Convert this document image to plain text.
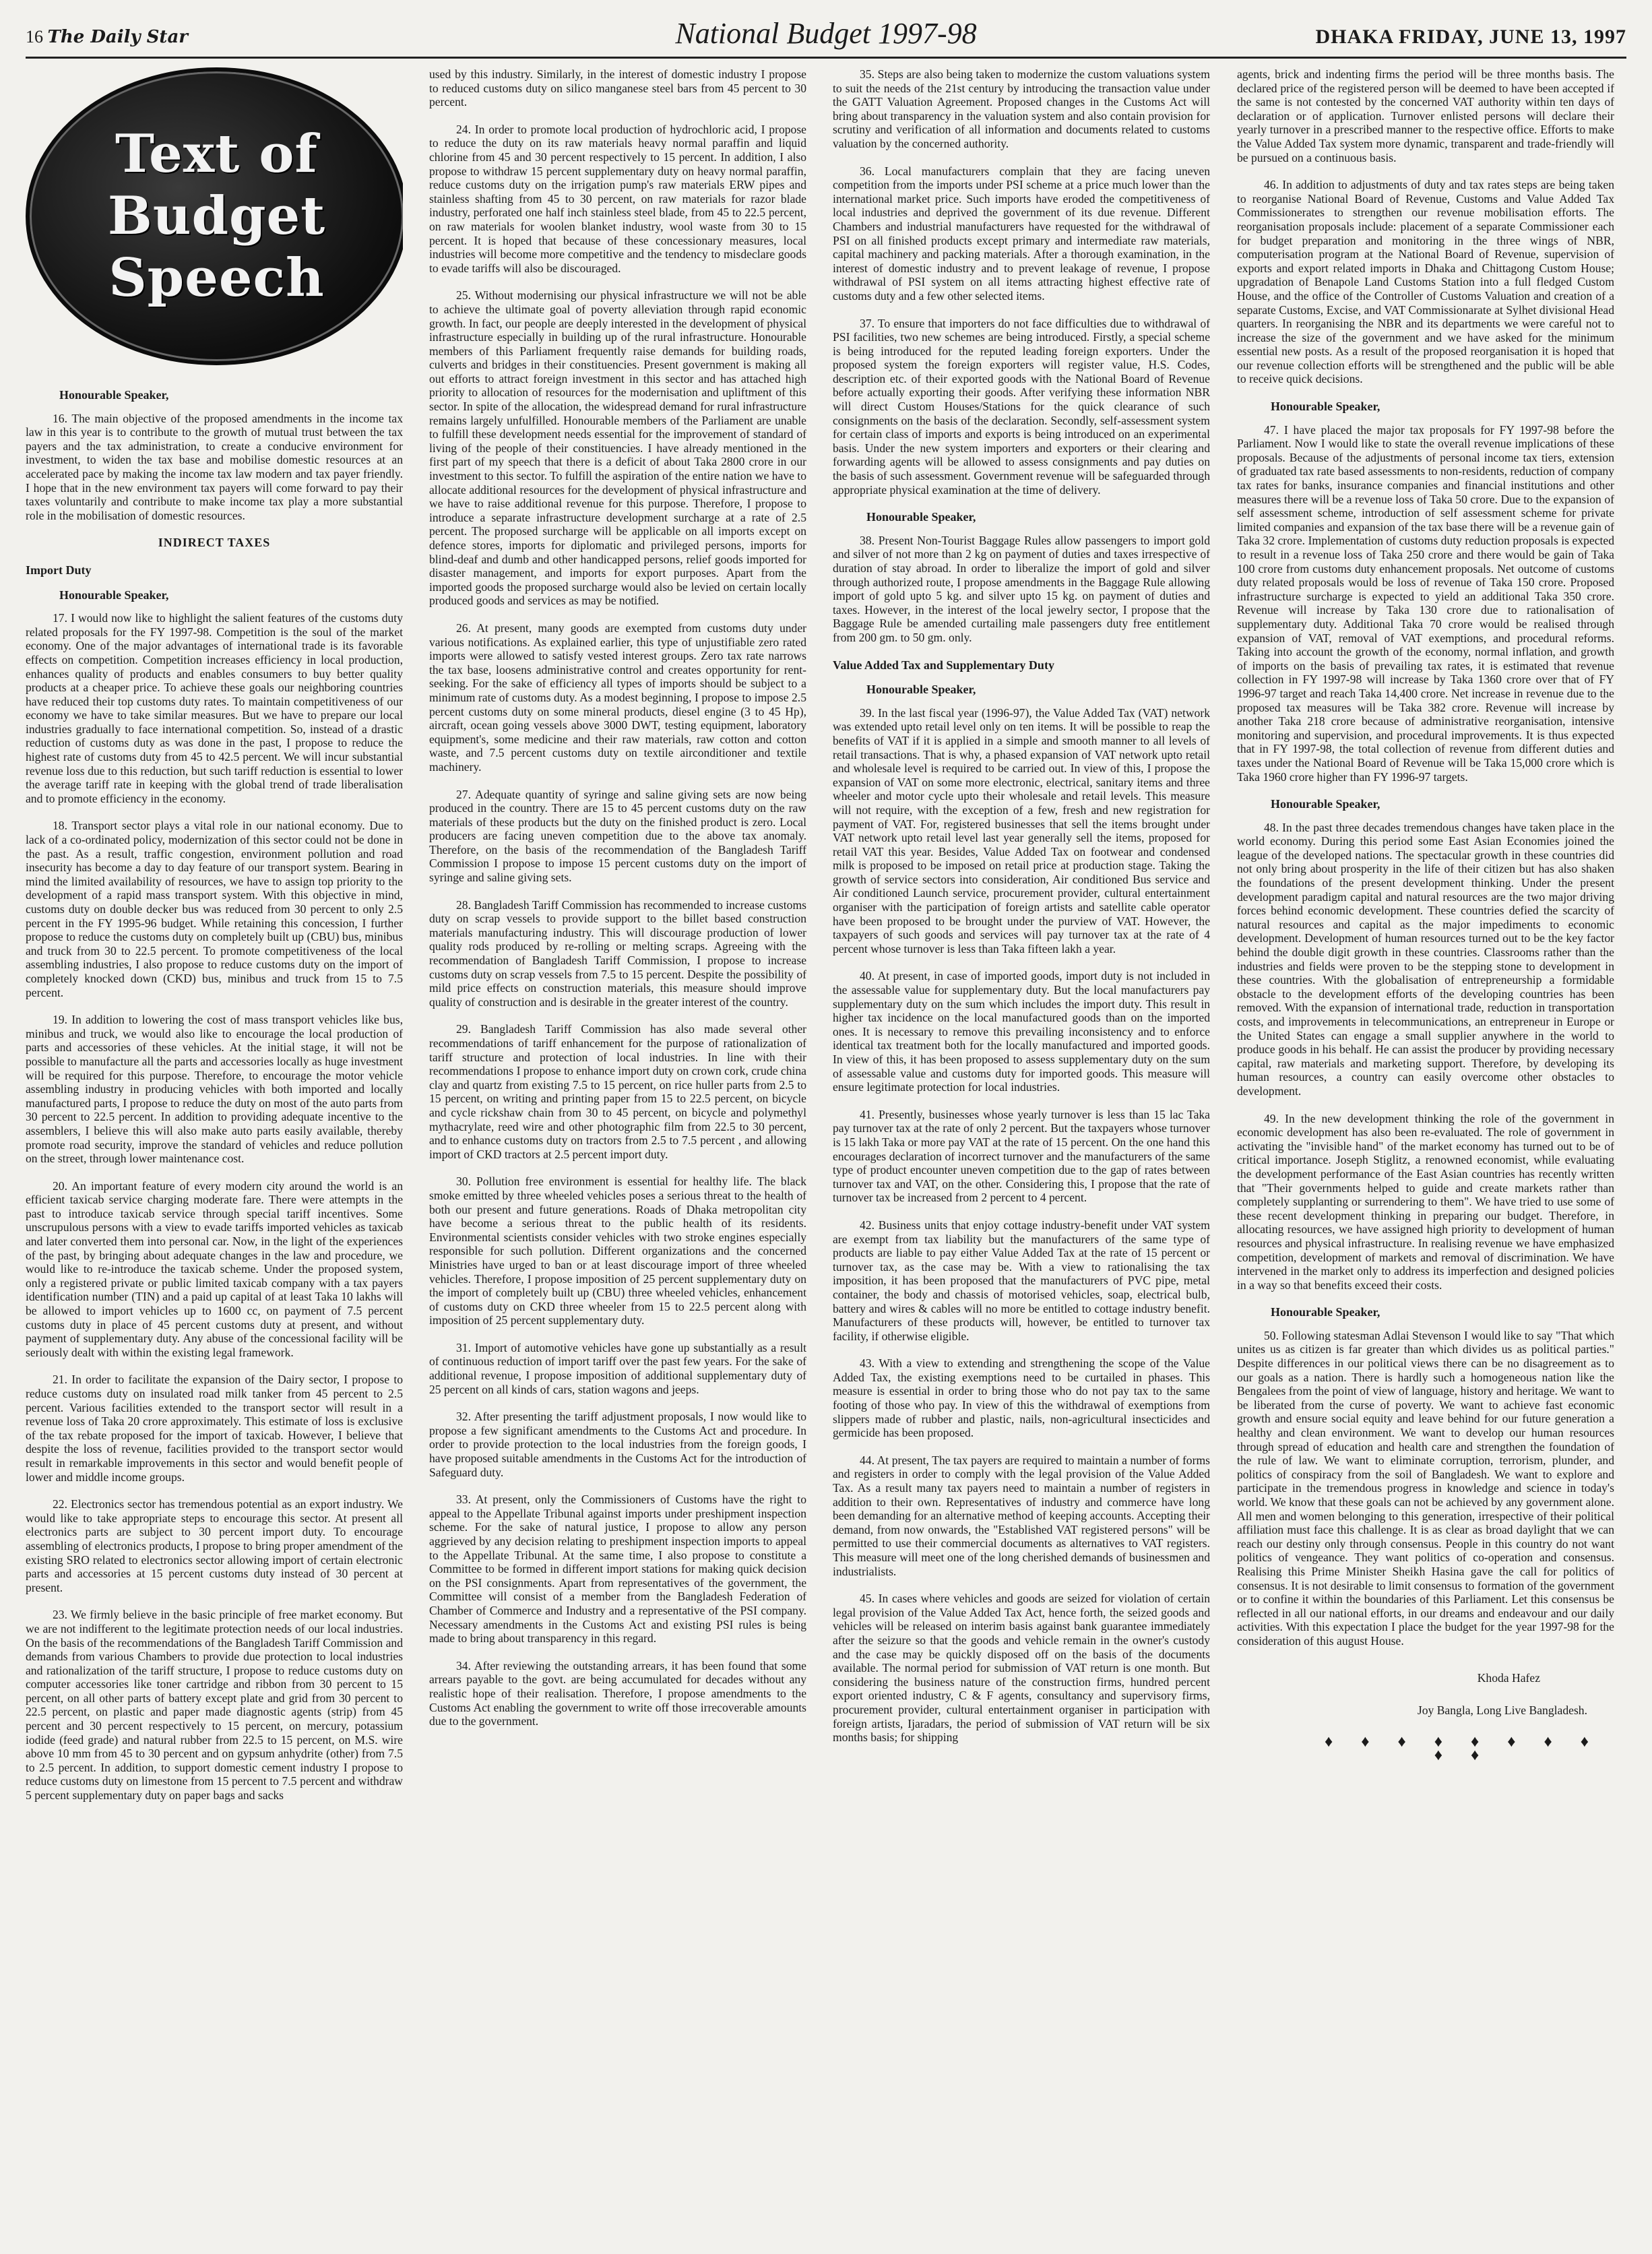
16 The Daily Star	National Budget 1997-98	DHAKA FRIDAY, JUNE 13, 1997
Text of
Budget
Speech

Honourable Speaker,

16. The main objective of the proposed amendments in the income tax law in this year is to contribute to the growth of mutual trust between the tax payers and the tax administration, to create a conducive environment for investment, to widen the tax base and mobilise domestic resources at an accelerated pace by making the income tax law modern and tax payer friendly. I hope that in the new environment tax payers will come forward to pay their taxes voluntarily and contribute to make income tax play a more substantial role in the mobilisation of domestic resources.

INDIRECT TAXES
Import Duty

Honourable Speaker,

17. I would now like to highlight the salient features of the customs duty related proposals for the FY 1997-98. Competition is the soul of the market economy. One of the major advantages of international trade is its favorable effects on competition. Competition increases efficiency in local production, enhances quality of products and enables consumers to buy better quality products at a cheaper price. To achieve these goals our neighboring countries have reduced their top customs duty rates. To maintain competitiveness of our economy we have to take similar measures. But we have to prepare our local industries gradually to face international competition. So, instead of a drastic reduction of customs duty as was done in the past, I propose to reduce the highest rate of customs duty from 45 to 42.5 percent. We will incur substantial revenue loss due to this reduction, but such tariff reduction is essential to lower the average tariff rate in keeping with the global trend of trade liberalisation and to promote efficiency in the economy.

18. Transport sector plays a vital role in our national economy. Due to lack of a co-ordinated policy, modernization of this sector could not be done in the past. As a result, traffic congestion, environment pollution and road insecurity has become a day to day feature of our transport system. Bearing in mind the limited availability of resources, we have to assign top priority to the development of a rapid mass transport system. With this objective in mind, customs duty on double decker bus was reduced from 30 percent to only 2.5 percent in the FY 1995-96 budget. While retaining this concession, I further propose to reduce the customs duty on completely built up (CBU) bus, minibus and truck from 30 to 22.5 percent. To promote competitiveness of the local assembling industries, I also propose to reduce customs duty on the import of completely knocked down (CKD) bus, minibus and truck from 15 to 7.5 percent.

19. In addition to lowering the cost of mass transport vehicles like bus, minibus and truck, we would also like to encourage the local production of parts and accessories of these vehicles. At the initial stage, it will not be possible to manufacture all the parts and accessories locally as huge investment will be required for this purpose. Therefore, to encourage the motor vehicle assembling industry in producing vehicles with both imported and locally manufactured parts, I propose to reduce the duty on most of the auto parts from 30 percent to 22.5 percent. In addition to providing adequate incentive to the assemblers, I believe this will also make auto parts easily available, thereby promote road security, improve the standard of vehicles and reduce pollution on the street, through lower maintenance cost.

20. An important feature of every modern city around the world is an efficient taxicab service charging moderate fare. There were attempts in the past to introduce taxicab service through special tariff incentives. Some unscrupulous persons with a view to evade tariffs imported vehicles as taxicab and later converted them into personal car. Now, in the light of the experiences of the past, by bringing about adequate changes in the law and procedure, we would like to re-introduce the taxicab scheme. Under the proposed system, only a registered private or public limited taxicab company with a tax payers identification number (TIN) and a paid up capital of at least Taka 10 lakhs will be allowed to import vehicles up to 1600 cc, on payment of 7.5 percent customs duty in place of 45 percent customs duty at present, and without payment of supplementary duty. Any abuse of the concessional facility will be seriously dealt with within the existing legal framework.

21. In order to facilitate the expansion of the Dairy sector, I propose to reduce customs duty on insulated road milk tanker from 45 percent to 2.5 percent. Various facilities extended to the transport sector will result in a revenue loss of Taka 20 crore approximately. This estimate of loss is exclusive of the tax rebate proposed for the import of taxicab. However, I believe that despite the loss of revenue, facilities provided to the transport sector would result in remarkable improvements in this sector and would benefit people of lower and middle income groups.

22. Electronics sector has tremendous potential as an export industry. We would like to take appropriate steps to encourage this sector. At present all electronics parts are subject to 30 percent import duty. To encourage assembling of electronics products, I propose to bring proper amendment of the existing SRO related to electronics sector allowing import of certain electronic parts and accessories at 15 percent customs duty instead of 30 percent at present.

23. We firmly believe in the basic principle of free market economy. But we are not indifferent to the legitimate protection needs of our local industries. On the basis of the recommendations of the Bangladesh Tariff Commission and demands from various Chambers to provide due protection to local industries and rationalization of the tariff structure, I propose to reduce customs duty on computer accessories like toner cartridge and ribbon from 30 percent to 15 percent, on all other parts of battery except plate and grid from 30 percent to 22.5 percent, on plastic and paper made diagnostic agents (strip) from 45 percent and 30 percent respectively to 15 percent, on mercury, potassium iodide (feed grade) and natural rubber from 22.5 to 15 percent, on M.S. wire above 10 mm from 45 to 30 percent and on gypsum anhydrite (other) from 7.5 to 2.5 percent. In addition, to support domestic cement industry I propose to reduce customs duty on limestone from 15 percent to 7.5 percent and withdraw 5 percent supplementary duty on paper bags and sacks

used by this industry. Similarly, in the interest of domestic industry I propose to reduced customs duty on silico manganese steel bars from 45 percent to 30 percent.

24. In order to promote local production of hydrochloric acid, I propose to reduce the duty on its raw materials heavy normal paraffin and liquid chlorine from 45 and 30 percent respectively to 15 percent. In addition, I also propose to withdraw 15 percent supplementary duty on heavy normal paraffin, reduce customs duty on the irrigation pump's raw materials ERW pipes and stainless shafting from 45 to 30 percent, on raw materials for razor blade industry, perforated one half inch stainless steel blade, from 45 to 22.5 percent, on raw materials for woolen blanket industry, wool waste from 30 to 15 percent. It is hoped that because of these concessionary measures, local industries will become more competitive and the tendency to misdeclare goods to evade tariffs will also be discouraged.

25. Without modernising our physical infrastructure we will not be able to achieve the ultimate goal of poverty alleviation through rapid economic growth. In fact, our people are deeply interested in the development of physical infrastructure especially in building up of the rural infrastructure. Honourable members of this Parliament frequently raise demands for building roads, culverts and bridges in their constituencies. Present government is making all out efforts to attract foreign investment in this sector and has attached high priority to allocation of resources for the modernisation and upliftment of this sector. In spite of the allocation, the widespread demand for rural infrastructure remains largely unfulfilled. Honourable members of the Parliament are unable to fulfill these development needs essential for the improvement of standard of living of the people of their constituencies. I have already mentioned in the first part of my speech that there is a deficit of about Taka 2800 crore in our investment to this sector. To fulfill the aspiration of the entire nation we have to allocate additional resources for the development of physical infrastructure and we have to raise additional revenue for this purpose. Therefore, I propose to introduce a separate infrastructure development surcharge at a rate of 2.5 percent. The proposed surcharge will be applicable on all imports except on defence stores, imports for diplomatic and privileged persons, imports for blind-deaf and dumb and other handicapped persons, relief goods imported for disaster management, and imports for export purposes. Apart from the imported goods the proposed surcharge would also be levied on certain locally produced goods and services as may be notified.

26. At present, many goods are exempted from customs duty under various notifications. As explained earlier, this type of unjustifiable zero rated imports were allowed to satisfy vested interest groups. Zero tax rate narrows the tax base, loosens administrative control and creates opportunity for rent-seeking. For the sake of efficiency all types of imports should be subject to a minimum rate of customs duty. As a modest beginning, I propose to impose 2.5 percent customs duty on some mineral products, diesel engine (3 to 45 Hp), aircraft, ocean going vessels above 3000 DWT, testing equipment, laboratory equipment's, some medicine and their raw materials, raw cotton and cotton waste, and 7.5 percent customs duty on textile airconditioner and textile machinery.

27. Adequate quantity of syringe and saline giving sets are now being produced in the country. There are 15 to 45 percent customs duty on the raw materials of these products but the duty on the finished product is zero. Local producers are facing uneven competition due to the above tax anomaly. Therefore, on the basis of the recommendation of the Bangladesh Tariff Commission I propose to impose 15 percent customs duty on the import of syringe and saline giving sets.

28. Bangladesh Tariff Commission has recommended to increase customs duty on scrap vessels to provide support to the billet based construction materials manufacturing industry. This will discourage production of lower quality rods produced by re-rolling or melting scraps. Agreeing with the recommendation of Bangladesh Tariff Commission, I propose to increase customs duty on scrap vessels from 7.5 to 15 percent. Despite the possibility of mild price effects on construction materials, this measure should improve quality of construction and is desirable in the greater interest of the country.

29. Bangladesh Tariff Commission has also made several other recommendations of tariff enhancement for the purpose of rationalization of tariff structure and protection of local industries. In line with their recommendations I propose to enhance import duty on crown cork, crude china clay and quartz from existing 7.5 to 15 percent, on rice huller parts from 2.5 to 15 percent, on writing and printing paper from 15 to 22.5 percent, on bicycle and cycle rickshaw chain from 30 to 45 percent, on bicycle and polymethyl mythacrylate, reed wire and other photographic film from 22.5 to 30 percent, and to enhance customs duty on tractors from 2.5 to 7.5 percent , and allowing import of CKD tractors at 2.5 percent import duty.

30. Pollution free environment is essential for healthy life. The black smoke emitted by three wheeled vehicles poses a serious threat to the health of both our present and future generations. Roads of Dhaka metropolitan city have become a serious threat to the public health of its residents. Environmental scientists consider vehicles with two stroke engines especially responsible for such pollution. Different organizations and the concerned Ministries have urged to ban or at least discourage import of three wheeled vehicles. Therefore, I propose imposition of 25 percent supplementary duty on the import of completely built up (CBU) three wheeled vehicles, enhancement of customs duty on CKD three wheeler from 15 to 22.5 percent along with imposition of 25 percent supplementary duty.

31. Import of automotive vehicles have gone up substantially as a result of continuous reduction of import tariff over the past few years. For the sake of additional revenue, I propose imposition of additional supplementary duty of 25 percent on all kinds of cars, station wagons and jeeps.

32. After presenting the tariff adjustment proposals, I now would like to propose a few significant amendments to the Customs Act and procedure. In order to provide protection to the local industries from the foreign goods, I have proposed suitable amendments in the Customs Act for the introduction of Safeguard duty.

33. At present, only the Commissioners of Customs have the right to appeal to the Appellate Tribunal against imports under preshipment inspection scheme. For the sake of natural justice, I propose to allow any person aggrieved by any decision relating to preshipment inspection imports to appeal to the Appellate Tribunal. At the same time, I also propose to constitute a Committee to be formed in different import stations for making quick decision on the PSI consignments. Apart from representatives of the government, the Committee will consist of a member from the Bangladesh Federation of Chamber of Commerce and Industry and a representative of the PSI company. Necessary amendments in the Customs Act and existing PSI rules is being made to bring about transparency in this regard.

34. After reviewing the outstanding arrears, it has been found that some arrears payable to the govt. are being accumulated for decades without any realistic hope of their realisation. Therefore, I propose amendments to the Customs Act enabling the government to write off those irrecoverable amounts due to the government.

35. Steps are also being taken to modernize the custom valuations system to suit the needs of the 21st century by introducing the transaction value under the GATT Valuation Agreement. Proposed changes in the Customs Act will bring about transparency in the valuation system and also contain provision for scrutiny and verification of all information and documents related to customs valuation by the concerned authority.

36. Local manufacturers complain that they are facing uneven competition from the imports under PSI scheme at a price much lower than the international market price. Such imports have eroded the competitiveness of local industries and deprived the government of its due revenue. Different Chambers and industrial manufacturers have requested for the withdrawal of PSI on all finished products except primary and intermediate raw materials, capital machinery and packing materials. After a thorough examination, in the interest of domestic industry and to prevent leakage of revenue, I propose withdrawal of PSI system on all items attracting highest effective rate of customs duty and a few other selected items.

37. To ensure that importers do not face difficulties due to withdrawal of PSI facilities, two new schemes are being introduced. Firstly, a special scheme is being introduced for the reputed leading foreign exporters. Under the proposed system the foreign exporters will register value, H.S. Codes, description etc. of their exported goods with the National Board of Revenue before actually exporting their goods. After verifying these information NBR will direct Custom Houses/Stations for the quick clearance of such consignments on the basis of the declaration. Secondly, self-assessment system for certain class of imports and exports is being introduced on an experimental basis. Under the new system importers and exporters or their clearing and forwarding agents will be allowed to assess consignments and pay duties on the basis of such assessment. Government revenue will be safeguarded through appropriate physical examination at the time of delivery.

Honourable Speaker,

38. Present Non-Tourist Baggage Rules allow passengers to import gold and silver of not more than 2 kg on payment of duties and taxes irrespective of duration of stay abroad. In order to liberalize the import of gold and silver through authorized route, I propose amendments in the Baggage Rule allowing import of gold upto 5 kg. and silver upto 15 kg. on payment of duties and taxes. However, in the interest of the local jewelry sector, I propose that the Baggage Rule be amended curtailing male passengers duty free entitlement from 200 gm. to 50 gm. only.

Value Added Tax and Supplementary Duty

Honourable Speaker,

39. In the last fiscal year (1996-97), the Value Added Tax (VAT) network was extended upto retail level only on ten items. It will be possible to reap the benefits of VAT if it is applied in a simple and smooth manner to all levels of retail transactions. That is why, a phased expansion of VAT network upto retail and wholesale level is required to be carried out. In view of this, I propose the expansion of VAT on some more electronic, electrical, sanitary items and three wheeler and motor cycle upto their wholesale and retail levels. This measure will not require, with the exception of a few, fresh and new registration for payment of VAT. For, registered businesses that sell the items brought under VAT network upto retail level last year generally sell the items, proposed for retail VAT this year. Besides, Value Added Tax on footwear and condensed milk is proposed to be imposed on retail price at production stage. Taking the growth of service sectors into consideration, Air conditioned Bus service and Air conditioned Launch service, procurement provider, cultural entertainment organiser with the participation of foreign artists and satellite cable operator have been proposed to be brought under the purview of VAT. However, the taxpayers of such goods and services will pay turnover tax at the rate of 4 percent whose turnover is less than Taka fifteen lakh a year.

40. At present, in case of imported goods, import duty is not included in the assessable value for supplementary duty. But the local manufacturers pay supplementary duty on the sum which includes the import duty. This result in higher tax incidence on the local manufactured goods than on the imported ones. It is necessary to remove this prevailing inconsistency and to enforce identical tax treatment both for the locally manufactured and imported goods. In view of this, it has been proposed to assess supplementary duty on the sum of assessable value and customs duty for imported goods. This measure will ensure legitimate protection for local industries.

41. Presently, businesses whose yearly turnover is less than 15 lac Taka pay turnover tax at the rate of only 2 percent. But the taxpayers whose turnover is 15 lakh Taka or more pay VAT at the rate of 15 percent. On the one hand this encourages declaration of incorrect turnover and the manufacturers of the same type of product encounter uneven competition due to the gap of rates between turnover tax and VAT, on the other. Considering this, I propose that the rate of turnover tax be increased from 2 percent to 4 percent.

42. Business units that enjoy cottage industry-benefit under VAT system are exempt from tax liability but the manufacturers of the same type of products are liable to pay either Value Added Tax at the rate of 15 percent or turnover tax, as the case may be. With a view to rationalising the tax imposition, it has been proposed that the manufacturers of PVC pipe, metal container, the body and chassis of motorised vehicles, soap, electrical bulb, battery and wires & cables will no more be entitled to cottage industry benefit. Manufacturers of these products will, however, be entitled to turnover tax facility, if otherwise eligible.

43. With a view to extending and strengthening the scope of the Value Added Tax, the existing exemptions need to be curtailed in phases. This measure is essential in order to bring those who do not pay tax to the same footing of those who pay. In view of this the withdrawal of exemptions from slippers made of rubber and plastic, nails, non-agricultural insecticides and germicide has been proposed.

44. At present, The tax payers are required to maintain a number of forms and registers in order to comply with the legal provision of the Value Added Tax. As a result many tax payers need to maintain a number of registers in addition to their own. Representatives of industry and commerce have long been demanding for an alternative method of keeping accounts. Accepting their demand, from now onwards, the "Established VAT registered persons" will be permitted to use their commercial documents as alternatives to VAT registers. This measure will meet one of the long cherished demands of businessmen and industrialists.

45. In cases where vehicles and goods are seized for violation of certain legal provision of the Value Added Tax Act, hence forth, the seized goods and vehicles will be released on interim basis against bank guarantee immediately after the seizure so that the goods and vehicle remain in the owner's custody and the case may be quickly disposed off on the basis of the documents available. The normal period for submission of VAT return is one month. But considering the business nature of the construction firms, hundred percent export oriented industry, C & F agents, consultancy and supervisory firms, procurement provider, cultural entertainment organiser in participation with foreign artists, Ijaradars, the period of submission of VAT return will be six months basis; for shipping

agents, brick and indenting firms the period will be three months basis. The declared price of the registered person will be deemed to have been accepted if the same is not contested by the concerned VAT authority within ten days of declaration or of application. Turnover enlisted persons will declare their yearly turnover in a prescribed manner to the respective office. Efforts to make the Value Added Tax system more dynamic, transparent and trade-friendly will be pursued on a continuous basis.

46. In addition to adjustments of duty and tax rates steps are being taken to reorganise National Board of Revenue, Customs and Value Added Tax Commissionerates to strengthen our revenue mobilisation efforts. The reorganisation proposals include: placement of a separate Commissioner each for budget preparation and monitoring in the three wings of NBR, computerisation program at the National Board of Revenue, supervision of exports and export related imports in Dhaka and Chittagong Custom House; upgradation of Benapole Land Customs Station into a full fledged Custom House, and the office of the Controller of Customs Valuation and creation of a separate Customs, Excise, and VAT Commissionarate at Sylhet divisional Head quarters. In reorganising the NBR and its departments we were careful not to increase the size of the government and we have asked for the minimum essential new posts. As a result of the proposed reorganisation it is hoped that our revenue collection efforts will be strengthened and the public will be able to receive quick decisions.

Honourable Speaker,

47. I have placed the major tax proposals for FY 1997-98 before the Parliament. Now I would like to state the overall revenue implications of these proposals. Because of the adjustments of personal income tax tiers, extension of graduated tax rate based assessments to non-residents, reduction of company tax rates for banks, insurance companies and financial institutions and other measures there will be a revenue loss of Taka 50 crore. Due to the expansion of self assessment scheme, introduction of self assessment scheme for private limited companies and expansion of the tax base there will be a revenue gain of Taka 32 crore. Implementation of customs duty reduction proposals is expected to result in a revenue loss of Taka 250 crore and there would be gain of Taka 100 crore from customs duty enhancement proposals. Net outcome of customs duty related proposals would be loss of revenue of Taka 150 crore. Proposed infrastructure surcharge is expected to yield an additional Taka 350 crore. Revenue will increase by Taka 130 crore due to rationalisation of supplementary duty. Additional Taka 70 crore would be realised through expansion of VAT, removal of VAT exemptions, and procedural reforms. Taking into account the growth of the economy, normal inflation, and growth of imports on the basis of prevailing tax rates, it is estimated that revenue collection in FY 1997-98 will increase by Taka 1360 crore over that of FY 1996-97 target and reach Taka 14,400 crore. Net increase in revenue due to the proposed tax measures will be Taka 382 crore. Revenue will increase by another Taka 218 crore because of administrative reorganisation, intensive monitoring and supervision, and procedural improvements. It is thus expected that in FY 1997-98, the total collection of revenue from different duties and taxes under the National Board of Revenue will be Taka 15,000 crore which is Taka 1960 crore higher than FY 1996-97 targets.

Honourable Speaker,

48. In the past three decades tremendous changes have taken place in the world economy. During this period some East Asian Economies joined the league of the developed nations. The spectacular growth in these countries did not only bring about prosperity in the life of their citizen but has also shaken the foundations of the present development thinking. Under the present development paradigm capital and natural resources are the two major driving forces behind economic development. These countries defied the scarcity of natural resources and capital as the major impediments to economic development. Development of human resources turned out to be the key factor behind the double digit growth in these countries. Classrooms rather than the industries and fields were proven to be the stepping stone to development in these countries. With the globalisation of entrepreneurship a formidable obstacle to the development efforts of the developing countries has been removed. With the expansion of international trade, reduction in transportation costs, and improvements in telecommunications, an entrepreneur in Europe or the United States can engage a small supplier anywhere in the world to produce goods in his behalf. He can assist the producer by providing necessary capital, raw materials and marketing support. Therefore, by developing its human resources, a country can easily overcome other obstacles to development.

49. In the new development thinking the role of the government in economic development has also been re-evaluated. The role of government in activating the "invisible hand" of the market economy has turned out to be of critical importance. Joseph Stiglitz, a renowned economist, while evaluating the development performance of the East Asian countries has recently written that "Their governments helped to guide and create markets rather than completely supplanting or surrendering to them". We have tried to use some of these recent development thinking in preparing our budget. Therefore, in allocating resources, we have assigned high priority to development of human resources and physical infrastructure. In realising revenue we have emphasized competition, development of markets and removal of discrimination. We have intervened in the market only to address its imperfection and designed policies in a way so that benefits exceed their costs.

Honourable Speaker,

50. Following statesman Adlai Stevenson I would like to say "That which unites us as citizen is far greater than which divides us as political parties." Despite differences in our political views there can be no disagreement as to our goals as a nation. There is hardly such a homogeneous nation like the Bengalees from the point of view of language, history and heritage. We want to be liberated from the curse of poverty. We want to achieve fast economic growth and ensure social equity and leave behind for our future generation a healthy and clean environment. We want to develop our human resources through spread of education and health care and strengthen the foundation of the rule of law. We want to eliminate corruption, terrorism, plunder, and politics of conspiracy from the soil of Bangladesh. We want to explore and participate in the tremendous progress in knowledge and science in today's world. We know that these goals can not be achieved by any government alone. All men and women belonging to this generation, irrespective of their political affiliation must face this challenge. It is as clear as broad daylight that we can reach our destiny only through consensus. People in this country do not want politics of vengeance. They want politics of co-operation and consensus. Realising this Prime Minister Sheikh Hasina gave the call for politics of consensus. It is not desirable to limit consensus to formation of the government or to confine it within the boundaries of this Parliament. Let this consensus be reflected in all our national efforts, in our dreams and endeavour and our daily activities. With this expectation I place the budget for the year 1997-98 for the consideration of this august House.

Khoda Hafez

Joy Bangla, Long Live Bangladesh.

♦ ♦ ♦ ♦ ♦ ♦ ♦ ♦ ♦ ♦
